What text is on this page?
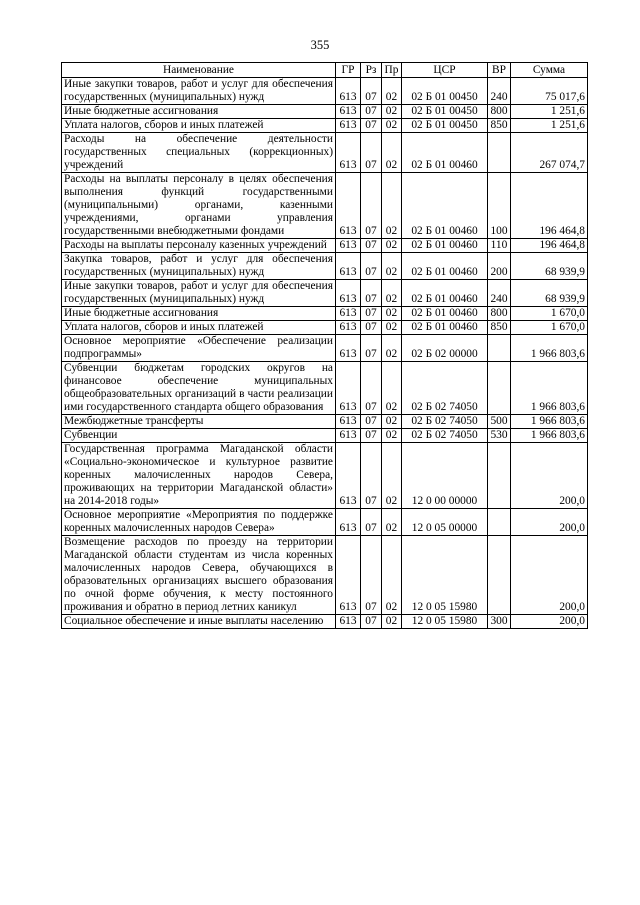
355
Наименование	ГР	Рз	Пр	ЦСР	ВР	Сумма
Иные закупки товаров, работ и услуг для обеспечения государственных (муниципальных) нужд	613	07	02	02 Б 01 00450	240	75 017,6
Иные бюджетные ассигнования	613	07	02	02 Б 01 00450	800	1 251,6
Уплата налогов, сборов и иных платежей	613	07	02	02 Б 01 00450	850	1 251,6
Расходы на обеспечение деятельности государственных специальных (коррекционных) учреждений	613	07	02	02 Б 01 00460		267 074,7
Расходы на выплаты персоналу в целях обеспечения выполнения функций государственными (муниципальными) органами, казенными учреждениями, органами управления государственными внебюджетными фондами	613	07	02	02 Б 01 00460	100	196 464,8
Расходы на выплаты персоналу казенных учреждений	613	07	02	02 Б 01 00460	110	196 464,8
Закупка товаров, работ и услуг для обеспечения государственных (муниципальных) нужд	613	07	02	02 Б 01 00460	200	68 939,9
Иные закупки товаров, работ и услуг для обеспечения государственных (муниципальных) нужд	613	07	02	02 Б 01 00460	240	68 939,9
Иные бюджетные ассигнования	613	07	02	02 Б 01 00460	800	1 670,0
Уплата налогов, сборов и иных платежей	613	07	02	02 Б 01 00460	850	1 670,0
Основное мероприятие «Обеспечение реализации подпрограммы»	613	07	02	02 Б 02 00000		1 966 803,6
Субвенции бюджетам городских округов на финансовое обеспечение муниципальных общеобразовательных организаций в части реализации ими государственного стандарта общего образования	613	07	02	02 Б 02 74050		1 966 803,6
Межбюджетные трансферты	613	07	02	02 Б 02 74050	500	1 966 803,6
Субвенции	613	07	02	02 Б 02 74050	530	1 966 803,6
Государственная программа Магаданской области «Социально-экономическое и культурное развитие коренных малочисленных народов Севера, проживающих на территории Магаданской области» на 2014-2018 годы»	613	07	02	12 0 00 00000		200,0
Основное мероприятие «Мероприятия по поддержке коренных малочисленных народов Севера»	613	07	02	12 0 05 00000		200,0
Возмещение расходов по проезду на территории Магаданской области студентам из числа коренных малочисленных народов Севера, обучающихся в образовательных организациях высшего образования по очной форме обучения, к месту постоянного проживания и обратно в период летних каникул	613	07	02	12 0 05 15980		200,0
Социальное обеспечение и иные выплаты населению	613	07	02	12 0 05 15980	300	200,0
